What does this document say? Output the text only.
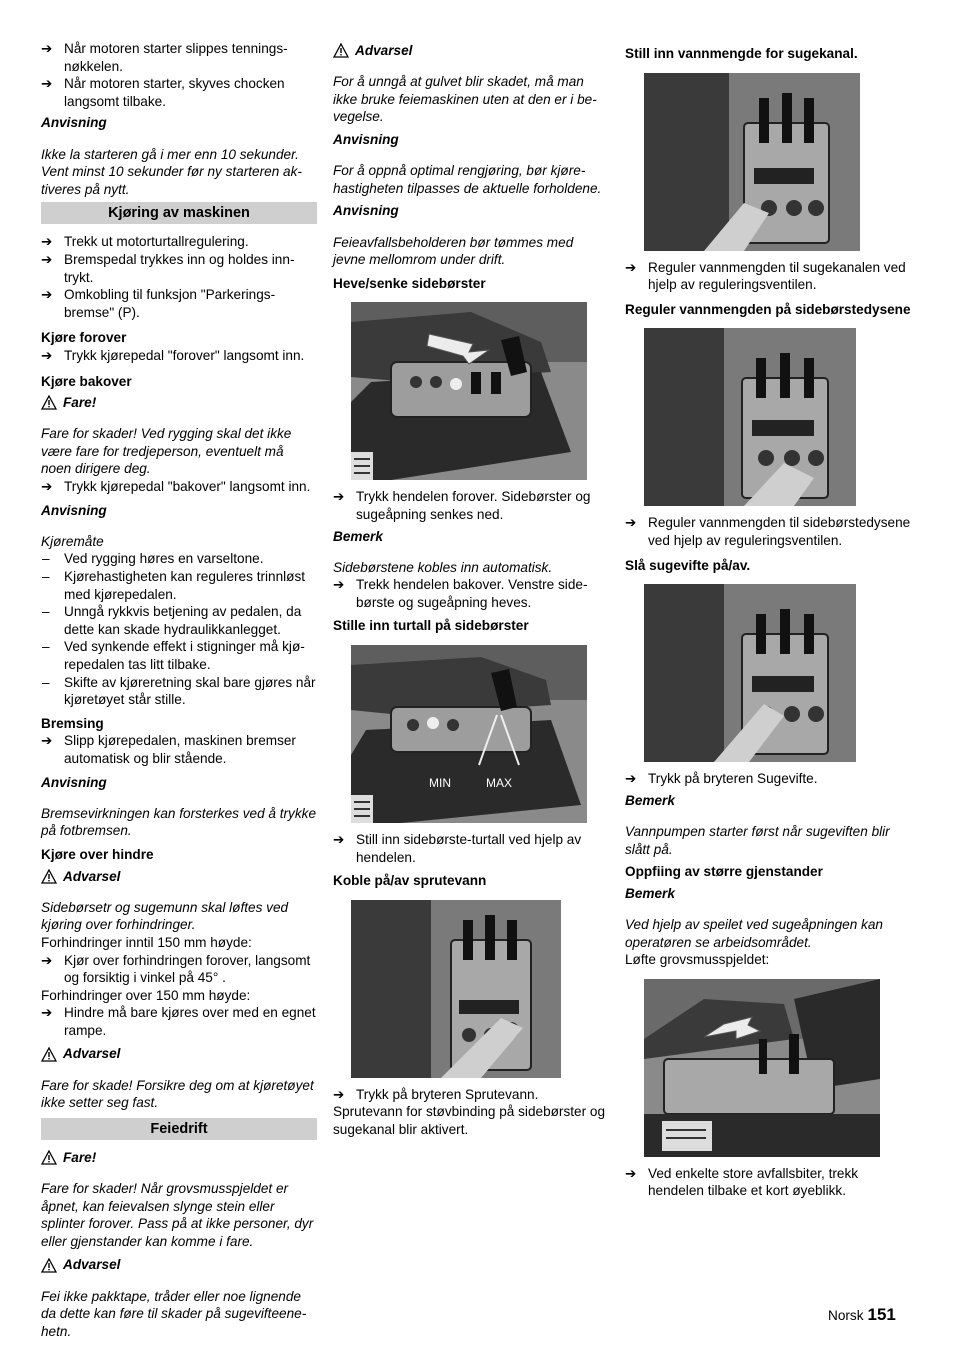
➔ Når motoren starter slippes tenningsnøkkelen.

➔ Når motoren starter, skyves chocken langsomt tilbake.

Anvisning

Ikke la starteren gå i mer enn 10 sekunder. Vent minst 10 sekunder før ny starteren aktiveres på nytt.

Kjøring av maskinen

➔ Trekk ut motorturtallregulering.

➔ Bremspedal trykkes inn og holdes inntrykt.

➔ Omkobling til funksjon "Parkeringsbremse" (P).

Kjøre forover

➔ Trykk kjørepedal "forover" langsomt inn.

Kjøre bakover

Fare!

Fare for skader! Ved rygging skal det ikke være fare for tredjeperson, eventuelt må noen dirigere deg.

➔ Trykk kjørepedal "bakover" langsomt inn.

Anvisning

Kjøremåte

–	Ved rygging høres en varseltone.

–	Kjørehastigheten kan reguleres trinnløst med kjørepedalen.

–	Unngå rykkvis betjening av pedalen, da dette kan skade hydraulikkanlegget.

–	Ved synkende effekt i stigninger må kjørepedalen tas litt tilbake.

–	Skifte av kjøreretning skal bare gjøres når kjøretøyet står stille.

Bremsing

➔ Slipp kjørepedalen, maskinen bremser automatisk og blir stående.

Anvisning

Bremsevirkningen kan forsterkes ved å trykke på fotbremsen.

Kjøre over hindre

Advarsel

Sidebørsetr og sugemunn skal løftes ved kjøring over forhindringer.

Forhindringer inntil 150 mm høyde:

➔ Kjør over forhindringen forover, langsomt og forsiktig i vinkel på 45° .

Forhindringer over 150 mm høyde:

➔ Hindre må bare kjøres over med en egnet rampe.

Advarsel

Fare for skade! Forsikre deg om at kjøretøyet ikke setter seg fast.

Feiedrift

Fare!

Fare for skader! Når grovsmusspjeldet er åpnet, kan feievalsen slynge stein eller splinter forover. Pass på at ikke personer, dyr eller gjenstander kan komme i fare.

Advarsel

Fei ikke pakktape, tråder eller noe lignende da dette kan føre til skader på sugevifteenehetn.

Advarsel

For å unngå at gulvet blir skadet, må man ikke bruke feiemaskinen uten at den er i bevegelse.

Anvisning

For å oppnå optimal rengjøring, bør kjørehastigheten tilpasses de aktuelle forholdene.

Anvisning

Feieavfallsbeholderen bør tømmes med jevne mellomrom under drift.

Heve/senke sidebørster

➔ Trykk hendelen forover. Sidebørster og sugeåpning senkes ned.

Bemerk

Sidebørstene kobles inn automatisk.

➔ Trekk hendelen bakover. Venstre sidebørste og sugeåpning heves.

Stille inn turtall på sidebørster

MIN	MAX

➔ Still inn sidebørste-turtall ved hjelp av hendelen.

Koble på/av sprutevann

➔ Trykk på bryteren Sprutevann.

Sprutevann for støvbinding på sidebørster og sugekanal blir aktivert.

Still inn vannmengde for sugekanal.

➔ Reguler vannmengden til sugekanalen ved hjelp av reguleringsventilen.

Reguler vannmengden på sidebørstedysene

➔ Reguler vannmengden til sidebørstedysene ved hjelp av reguleringsventilen.

Slå sugevifte på/av.

➔ Trykk på bryteren Sugevifte.

Bemerk

Vannpumpen starter først når sugeviften blir slått på.

Oppfiing av større gjenstander

Bemerk

Ved hjelp av speilet ved sugeåpningen kan operatøren se arbeidsområdet.

Løfte grovsmusspjeldet:

➔ Ved enkelte store avfallsbiter, trekk hendelen tilbake et kort øyeblikk.

Norsk 151
